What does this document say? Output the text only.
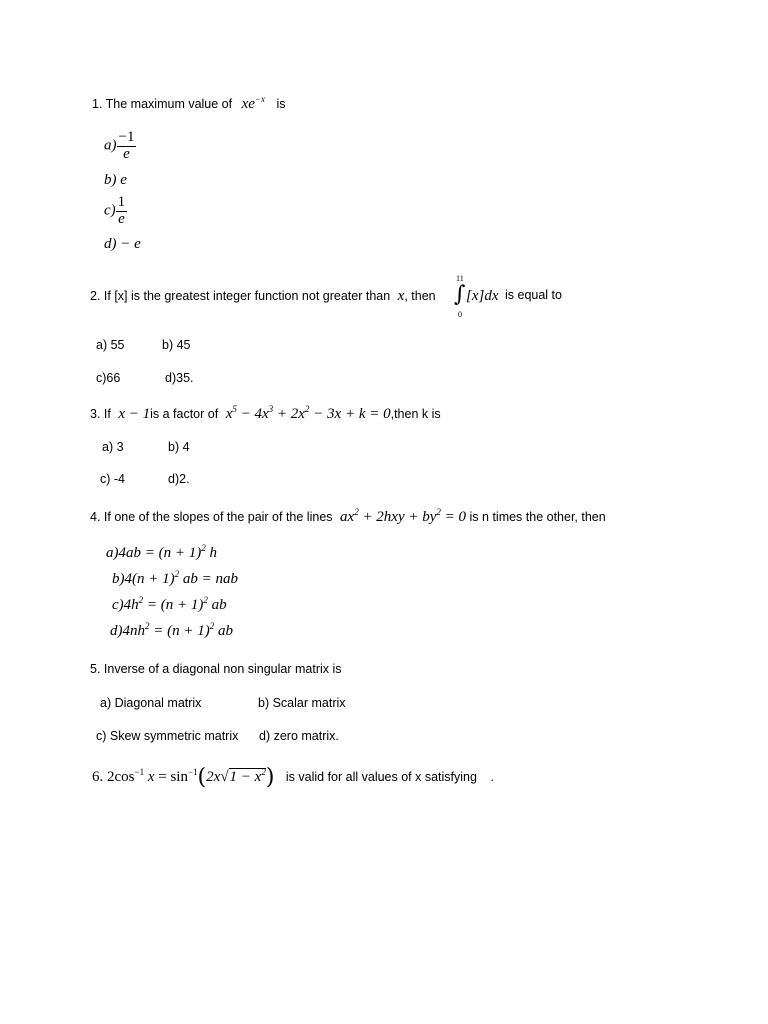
1. The maximum value of $xe^{-x}$ is
$a) \frac{-1}{e}$
b) e
$c) \frac{1}{e}$
d) − e
2. If [x] is the greatest integer function not greater than x, then
11
∫ [x]dx
0
is equal to
a) 55	b) 45
c)66	d)35.
3. If x − 1is a factor of $x^5 - 4x^3 + 2x^2 - 3x + k$ = 0,then k is
a) 3	b) 4
c) -4	d)2.
4. If one of the slopes of the pair of the lines $ax^2 + 2hxy + by^2 = 0$ is n times the other, then
$a)4ab = (n + 1)^2$ h
$b)4(n + 1)^2$ ab = nab
$c)4h^2 = (n + 1)^2$ ab
$d)4nh^2 = (n + 1)^2$ ab
5. Inverse of a diagonal non singular matrix is
a) Diagonal matrix	b) Scalar matrix
c) Skew symmetric matrix d) zero matrix.
6. $2\cos^{-1}$ $x = \sin^{-1}(2x√1 - x^2)$ is valid for all values of x satisfying .
